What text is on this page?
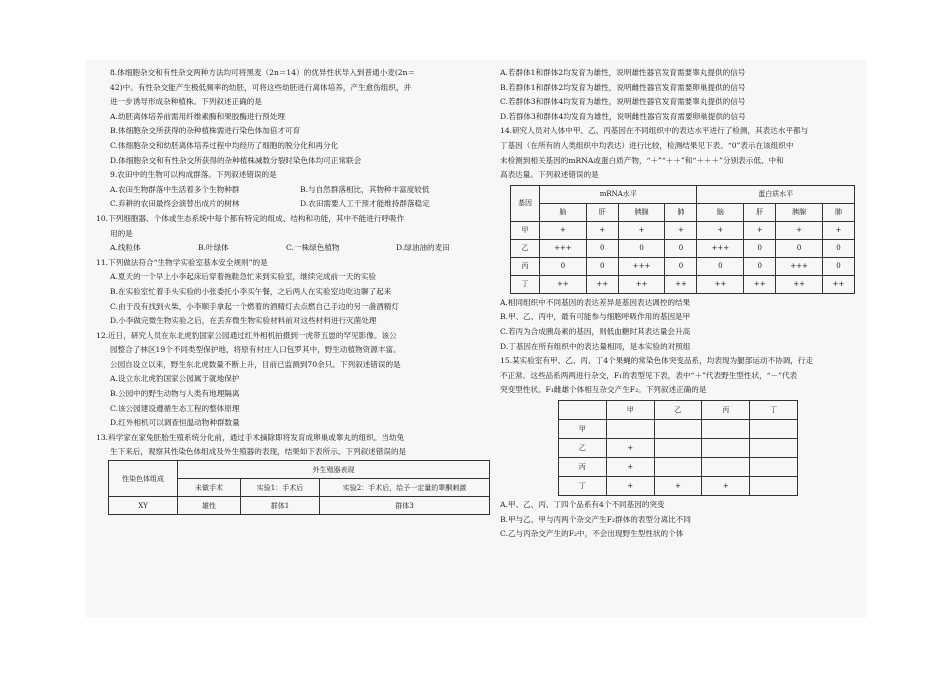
8.体细胞杂交和有性杂交两种方法均可将黑麦（2n＝14）的优异性状导入到普通小麦(2n＝
42)中。有性杂交能产生极低频率的幼胚，可将这些幼胚进行离体培养，产生愈伤组织，并
进一步诱导形成杂种植株。下列叙述正确的是
A.幼胚离体培养前需用纤维素酶和果胶酶进行预处理
B.体细胞杂交所获得的杂种植株需进行染色体加倍才可育
C.体细胞杂交和幼胚离体培养过程中均经历了细胞的脱分化和再分化
D.体细胞杂交和有性杂交所获得的杂种植株减数分裂时染色体均可正常联会
9.农田中的生物可以构成群落。下列叙述错误的是
A.农田生物群落中生活着多个生物种群	B.与自然群落相比，其物种丰富度较低
C.弃耕的农田最终会演替出成片的树林	D.农田需要人工干预才能维持群落稳定
10.下列细胞器、个体或生态系统中每个都有特定的组成、结构和功能，其中不能进行呼吸作
用的是
A.线粒体	B.叶绿体	C.一株绿色植物	D.绿油油的麦田
11.下列做法符合“生物学实验室基本安全规则”的是
A.夏天的一个早上小李起床后穿着拖鞋急忙来到实验室，继续完成前一天的实验
B.在实验室忙着手头实验的小张委托小李买午餐，之后两人在实验室边吃边聊了起来
C.由于没有找到火柴，小李顺手拿起一个燃着的酒精灯去点燃自己手边的另一盏酒精灯
D.小李做完微生物实验之后，在丢弃微生物实验材料前对这些材料进行灭菌处理
12.近日，研究人员在东北虎豹国家公园通过红外相机拍摄到一虎带五崽的罕见影像。该公
园整合了林区19个不同类型保护地，将原有村庄人口包罗其中，野生动植物资源丰富。
公园自设立以来，野生东北虎数量不断上升，目前已监测到70余只。下列叙述错误的是
A.设立东北虎豹国家公园属于就地保护
B.公园中的野生动物与人类有地理隔离
C.该公园建设遵循生态工程的整体原理
D.红外相机可以调查恒温动物种群数量
13.科学家在家兔胚胎生殖系统分化前，通过手术摘除即将发育成卵巢或睾丸的组织。当幼兔
生下来后，观察其性染色体组成及外生殖器的表现，结果如下表所示。下列叙述错误的是
性染色体组成	外生殖器表现		
	未做手术	实验1：手术后	实验2：手术后，给予一定量的睾酮刺激
XY	雄性	群体1	群体3
A.若群体1和群体2均发育为雄性，说明雄性器官发育需要睾丸提供的信号
B.若群体1和群体2均发育为雄性，说明雌性器官发育需要卵巢提供的信号
C.若群体3和群体4均发育为雄性，说明雄性器官发育需要睾丸提供的信号
D.若群体3和群体4均发育为雄性，说明雌性器官发育需要卵巢提供的信号
14.研究人员对人体中甲、乙、丙基因在不同组织中的表达水平进行了检测，其表达水平都与
丁基因（在所有的人类组织中均表达）进行比较，检测结果见下表。“0”表示在该组织中
未检测到相关基因的mRNA或蛋白质产物，“＋”“＋＋”和“＋＋＋”分别表示低、中和
高表达量。下列叙述错误的是
基因	mRNA水平				蛋白质水平			
	脑	肝	胰腺	肺	脑	肝	胰腺	肺
甲	+	+	+	+	+	+	+	+
乙	+++	0	0	0	+++	0	0	0
丙	0	0	+++	0	0	0	+++	0
丁	++	++	++	++	++	++	++	++
A.相同组织中不同基因的表达差异是基因表达调控的结果
B.甲、乙、丙中，最有可能参与细胞呼吸作用的基因是甲
C.若丙为合成胰岛素的基因，则低血糖时其表达量会升高
D.丁基因在所有组织中的表达量相同，是本实验的对照组
15.某实验室有甲、乙、丙、丁4个果蝇的常染色体突变品系，均表现为腿部运动不协调，行走
不正常。这些品系两两进行杂交，F₁的表型见下表，表中“＋”代表野生型性状，“－”代表
突变型性状。F₁雌雄个体相互杂交产生F₂。下列叙述正确的是
	甲	乙	丙	丁
甲				
乙	+			
丙	+			
丁	+	+	+	
A.甲、乙、丙、丁四个品系有4个不同基因的突变
B.甲与乙、甲与丙两个杂交产生F₂群体的表型分离比不同
C.乙与丙杂交产生的F₂中，不会出现野生型性状的个体
